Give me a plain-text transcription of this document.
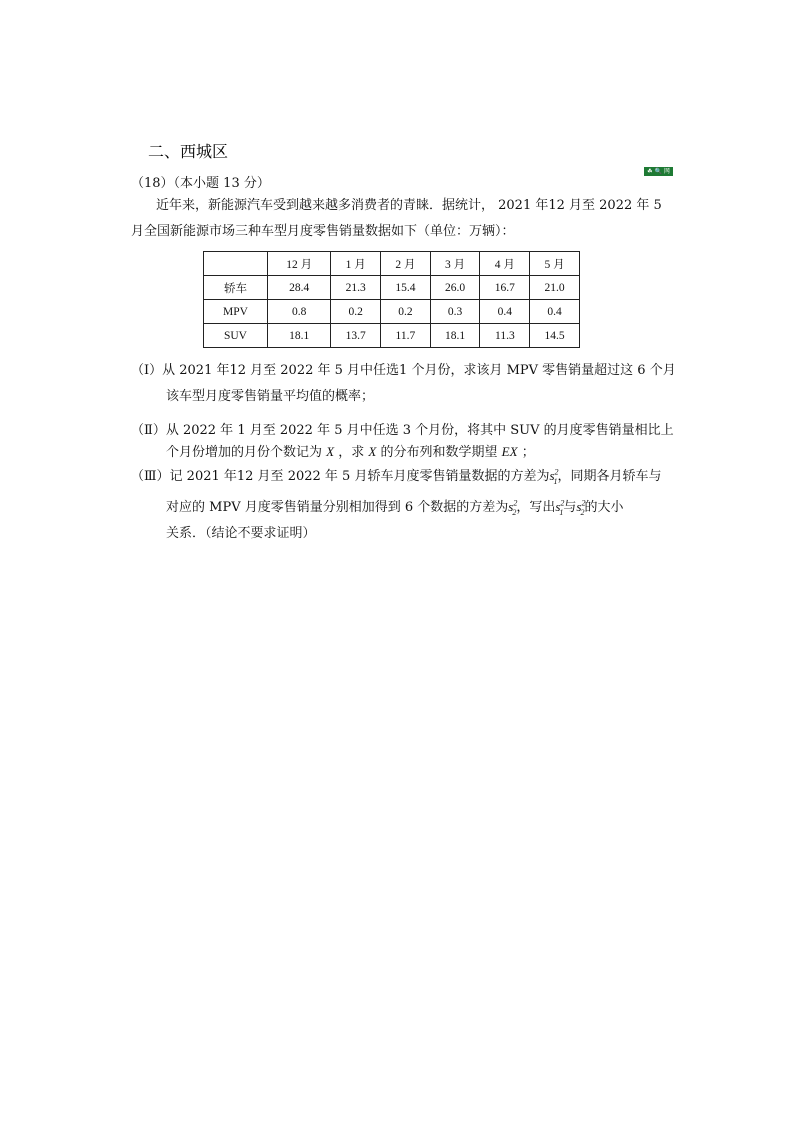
二、西城区
（18）（本小题 13 分）
☘ 🔍 网
近年来，新能源汽车受到越来越多消费者的青睐．据统计， 2021 年12 月至 2022 年 5
月全国新能源市场三种车型月度零售销量数据如下（单位：万辆）：
	12 月	1 月	2 月	3 月	4 月	5 月
轿车	28.4	21.3	15.4	26.0	16.7	21.0
MPV	0.8	0.2	0.2	0.3	0.4	0.4
SUV	18.1	13.7	11.7	18.1	11.3	14.5
（Ⅰ）从 2021 年12 月至 2022 年 5 月中任选1 个月份，求该月 MPV 零售销量超过这 6 个月
该车型月度零售销量平均值的概率；
（Ⅱ）从 2022 年 1 月至 2022 年 5 月中任选 3 个月份，将其中 SUV 的月度零售销量相比上
个月份增加的月份个数记为 X ，求 X 的分布列和数学期望 EX ；
（Ⅲ）记 2021 年12 月至 2022 年 5 月轿车月度零售销量数据的方差为$s^2_1$，同期各月轿车与
对应的 MPV 月度零售销量分别相加得到 6 个数据的方差为$s^2_2$，写出$s^2_1$与$s^2_2$的大小
关系．（结论不要求证明）
